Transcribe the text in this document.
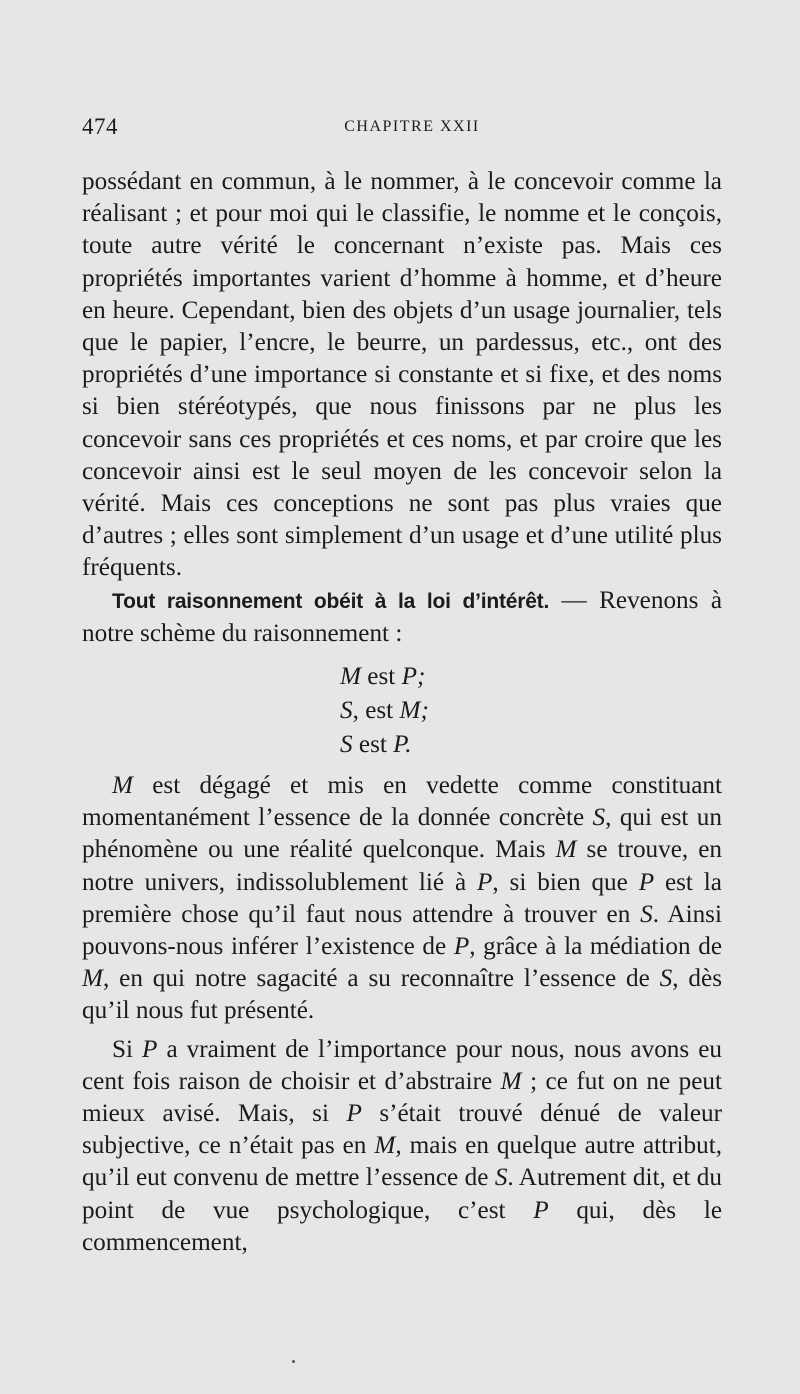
474	CHAPITRE XXII

possédant en commun, à le nommer, à le concevoir comme la réalisant ; et pour moi qui le classifie, le nomme et le conçois, toute autre vérité le concernant n’existe pas. Mais ces propriétés importantes varient d’homme à homme, et d’heure en heure. Cependant, bien des objets d’un usage journalier, tels que le papier, l’encre, le beurre, un pardessus, etc., ont des propriétés d’une importance si constante et si fixe, et des noms si bien stéréotypés, que nous finissons par ne plus les concevoir sans ces propriétés et ces noms, et par croire que les concevoir ainsi est le seul moyen de les concevoir selon la vérité. Mais ces conceptions ne sont pas plus vraies que d’autres ; elles sont simplement d’un usage et d’une utilité plus fréquents.

Tout raisonnement obéit à la loi d’intérêt. — Revenons à notre schème du raisonnement :

M est P;
S, est M;
S est P.

M est dégagé et mis en vedette comme constituant momentanément l’essence de la donnée concrète S, qui est un phénomène ou une réalité quelconque. Mais M se trouve, en notre univers, indissolublement lié à P, si bien que P est la première chose qu’il faut nous attendre à trouver en S. Ainsi pouvons-nous inférer l’existence de P, grâce à la médiation de M, en qui notre sagacité a su reconnaître l’essence de S, dès qu’il nous fut présenté.

Si P a vraiment de l’importance pour nous, nous avons eu cent fois raison de choisir et d’abstraire M ; ce fut on ne peut mieux avisé. Mais, si P s’était trouvé dénué de valeur subjective, ce n’était pas en M, mais en quelque autre attribut, qu’il eut convenu de mettre l’essence de S. Autrement dit, et du point de vue psychologique, c’est P qui, dès le commencement,
